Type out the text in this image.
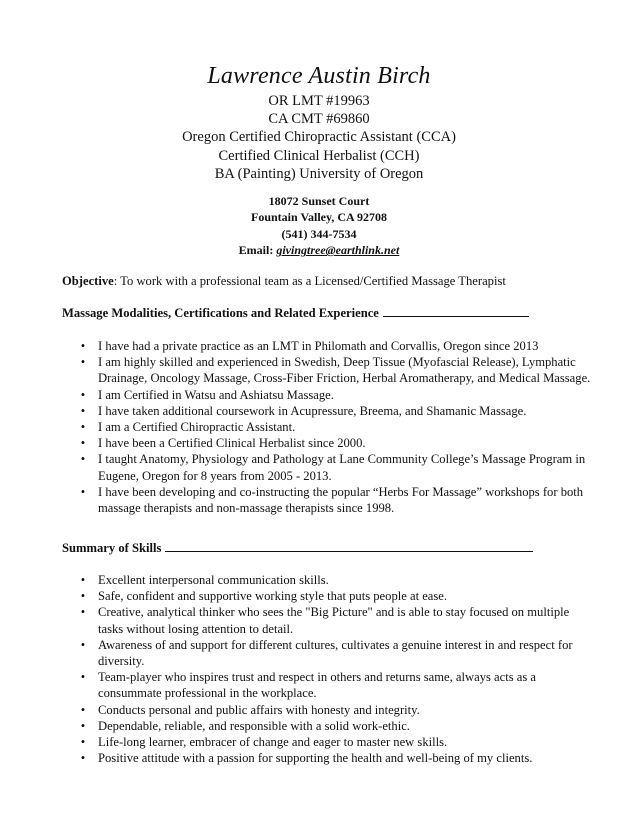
Lawrence Austin Birch
OR LMT #19963
CA CMT #69860
Oregon Certified Chiropractic Assistant (CCA)
Certified Clinical Herbalist (CCH)
BA (Painting) University of Oregon
18072 Sunset Court
Fountain Valley, CA 92708
(541) 344-7534
Email: givingtree@earthlink.net
Objective: To work with a professional team as a Licensed/Certified Massage Therapist
Massage Modalities, Certifications and Related Experience
• I have had a private practice as an LMT in Philomath and Corvallis, Oregon since 2013
• I am highly skilled and experienced in Swedish, Deep Tissue (Myofascial Release), Lymphatic Drainage, Oncology Massage, Cross-Fiber Friction, Herbal Aromatherapy, and Medical Massage.
• I am Certified in Watsu and Ashiatsu Massage.
• I have taken additional coursework in Acupressure, Breema, and Shamanic Massage.
• I am a Certified Chiropractic Assistant.
• I have been a Certified Clinical Herbalist since 2000.
• I taught Anatomy, Physiology and Pathology at Lane Community College’s Massage Program in Eugene, Oregon for 8 years from 2005 - 2013.
• I have been developing and co-instructing the popular “Herbs For Massage” workshops for both massage therapists and non-massage therapists since 1998.
Summary of Skills
• Excellent interpersonal communication skills.
• Safe, confident and supportive working style that puts people at ease.
• Creative, analytical thinker who sees the "Big Picture" and is able to stay focused on multiple tasks without losing attention to detail.
• Awareness of and support for different cultures, cultivates a genuine interest in and respect for diversity.
• Team-player who inspires trust and respect in others and returns same, always acts as a consummate professional in the workplace.
• Conducts personal and public affairs with honesty and integrity.
• Dependable, reliable, and responsible with a solid work-ethic.
• Life-long learner, embracer of change and eager to master new skills.
• Positive attitude with a passion for supporting the health and well-being of my clients.
